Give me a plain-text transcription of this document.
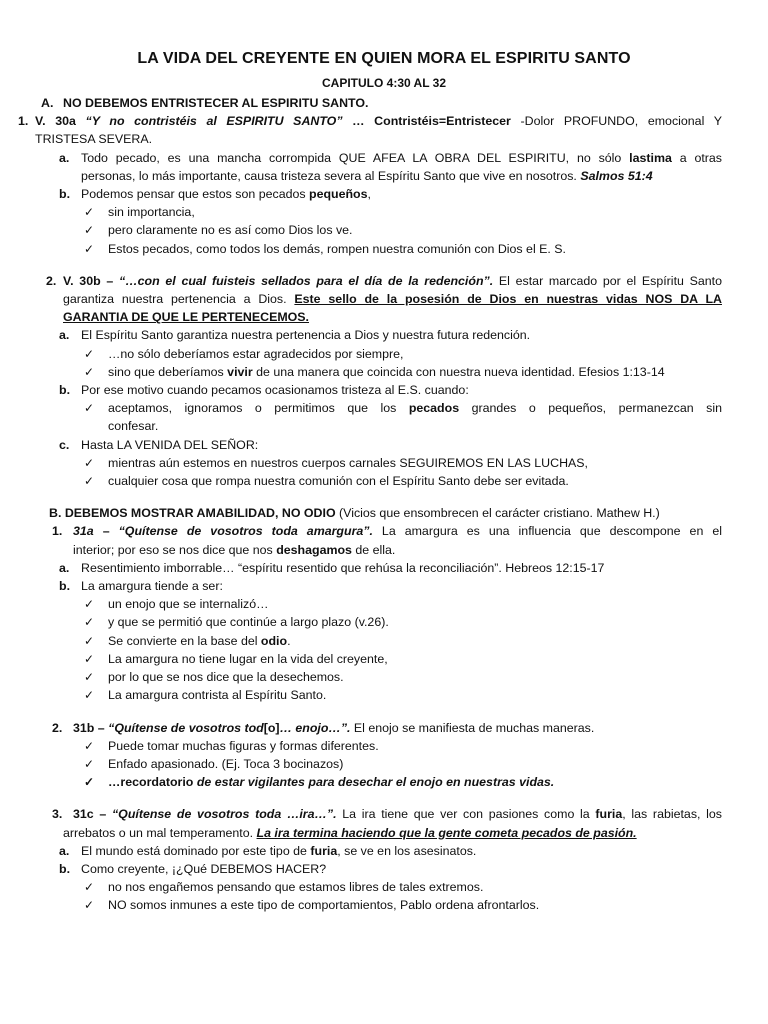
LA VIDA DEL CREYENTE EN QUIEN MORA EL ESPIRITU SANTO
CAPITULO 4:30 AL 32
A. NO DEBEMOS ENTRISTECER AL ESPIRITU SANTO.

1. V. 30a “Y no contristéis al ESPIRITU SANTO” … Contristéis=Entristecer -Dolor PROFUNDO, emocional Y
TRISTESA SEVERA.
a. Todo pecado, es una mancha corrompida QUE AFEA LA OBRA DEL ESPIRITU, no sólo lastima a otras
personas, lo más importante, causa tristeza severa al Espíritu Santo que vive en nosotros. Salmos 51:4
b. Podemos pensar que estos son pecados pequeños,
✓ sin importancia,
✓ pero claramente no es así como Dios los ve.
✓ Estos pecados, como todos los demás, rompen nuestra comunión con Dios el E. S.
2. V. 30b – “…con el cual fuisteis sellados para el día de la redención”. El estar marcado por el Espíritu Santo
garantiza nuestra pertenencia a Dios. Este sello de la posesión de Dios en nuestras vidas NOS DA LA
GARANTIA DE QUE LE PERTENECEMOS.
a. El Espíritu Santo garantiza nuestra pertenencia a Dios y nuestra futura redención.
✓ …no sólo deberíamos estar agradecidos por siempre,
✓ sino que deberíamos vivir de una manera que coincida con nuestra nueva identidad. Efesios 1:13-14
b. Por ese motivo cuando pecamos ocasionamos tristeza al E.S. cuando:
✓ aceptamos, ignoramos o permitimos que los pecados grandes o pequeños, permanezcan sin
confesar.
c. Hasta LA VENIDA DEL SEÑOR:
✓ mientras aún estemos en nuestros cuerpos carnales SEGUIREMOS EN LAS LUCHAS,
✓ cualquier cosa que rompa nuestra comunión con el Espíritu Santo debe ser evitada.
B. DEBEMOS MOSTRAR AMABILIDAD, NO ODIO (Vicios que ensombrecen el carácter cristiano. Mathew H.)
1. 31a – “Quítense de vosotros toda amargura”. La amargura es una influencia que descompone en el
interior; por eso se nos dice que nos deshagamos de ella.
a. Resentimiento imborrable… “espíritu resentido que rehúsa la reconciliación”. Hebreos 12:15-17
b. La amargura tiende a ser:
✓ un enojo que se internalizó…
✓ y que se permitió que continúe a largo plazo (v.26).
✓ Se convierte en la base del odio.
✓ La amargura no tiene lugar en la vida del creyente,
✓ por lo que se nos dice que la desechemos.
✓ La amargura contrista al Espíritu Santo.
2. 31b – “Quítense de vosotros tod[o]… enojo…”. El enojo se manifiesta de muchas maneras.
✓ Puede tomar muchas figuras y formas diferentes.
✓ Enfado apasionado. (Ej. Toca 3 bocinazos)
✓ …recordatorio de estar vigilantes para desechar el enojo en nuestras vidas.
3. 31c – “Quítense de vosotros toda …ira…”. La ira tiene que ver con pasiones como la furia, las rabietas, los
arrebatos o un mal temperamento. La ira termina haciendo que la gente cometa pecados de pasión.
a. El mundo está dominado por este tipo de furia, se ve en los asesinatos.
b. Como creyente, ¡¿Qué DEBEMOS HACER?
✓ no nos engañemos pensando que estamos libres de tales extremos.
✓ NO somos inmunes a este tipo de comportamientos, Pablo ordena afrontarlos.
